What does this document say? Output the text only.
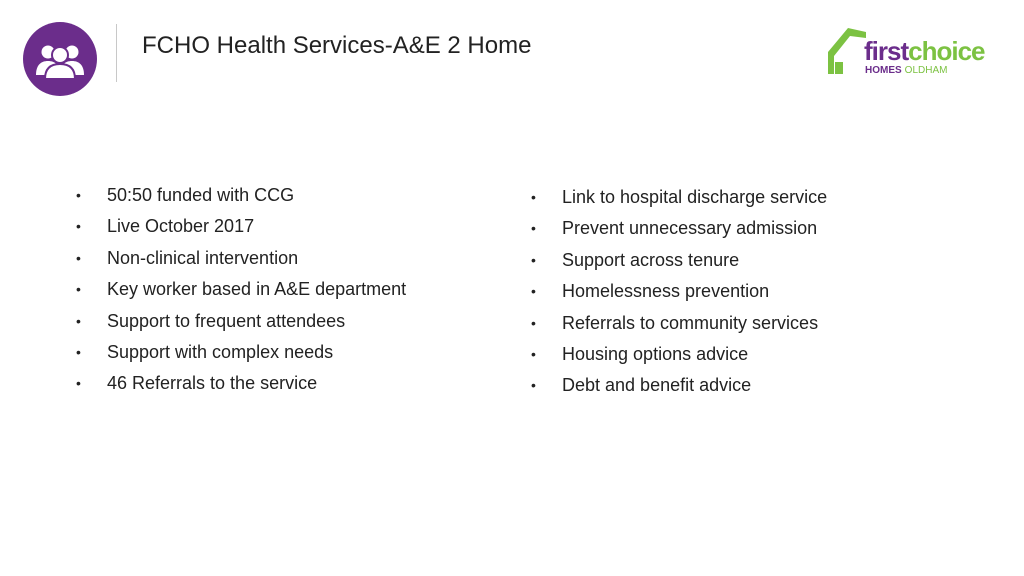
FCHO Health Services-A&E 2 Home	firstchoice
HOMES OLDHAM
• 50:50 funded with CCG
• Live October 2017
• Non-clinical intervention
• Key worker based in A&E department
• Support to frequent attendees
• Support with complex needs
• 46 Referrals to the service
• Link to hospital discharge service
• Prevent unnecessary admission
• Support across tenure
• Homelessness prevention
• Referrals to community services
• Housing options advice
• Debt and benefit advice
